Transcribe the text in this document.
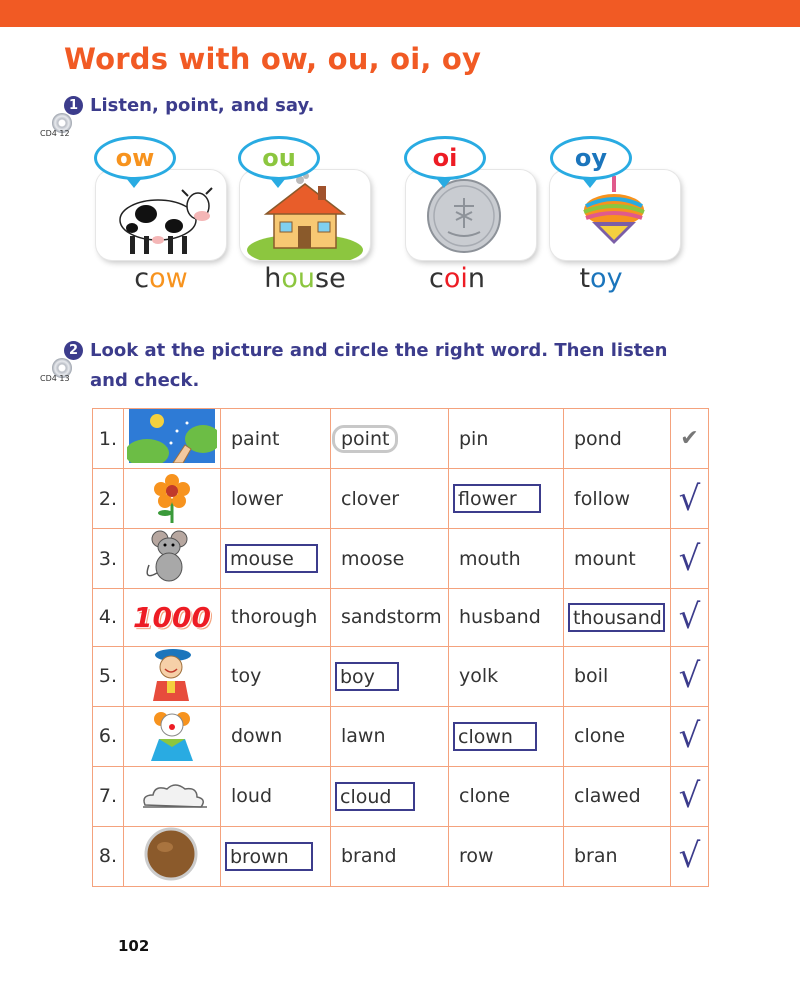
Words with ow, ou, oi, oy
CD4 12
1 Listen, point, and say.
ow	ou	oi	oy
cow	house	coin	toy
CD4 13
2 Look at the picture and circle the right word. Then listen
and check.
1.		paint	point	pin	pond	✔
2.		lower	clover	flower	follow	√
3.		mouse	moose	mouth	mount	√
4.	1000	thorough	sandstorm	husband	thousand	√
5.		toy	boy	yolk	boil	√
6.		down	lawn	clown	clone	√
7.		loud	cloud	clone	clawed	√
8.		brown	brand	row	bran	√
102
